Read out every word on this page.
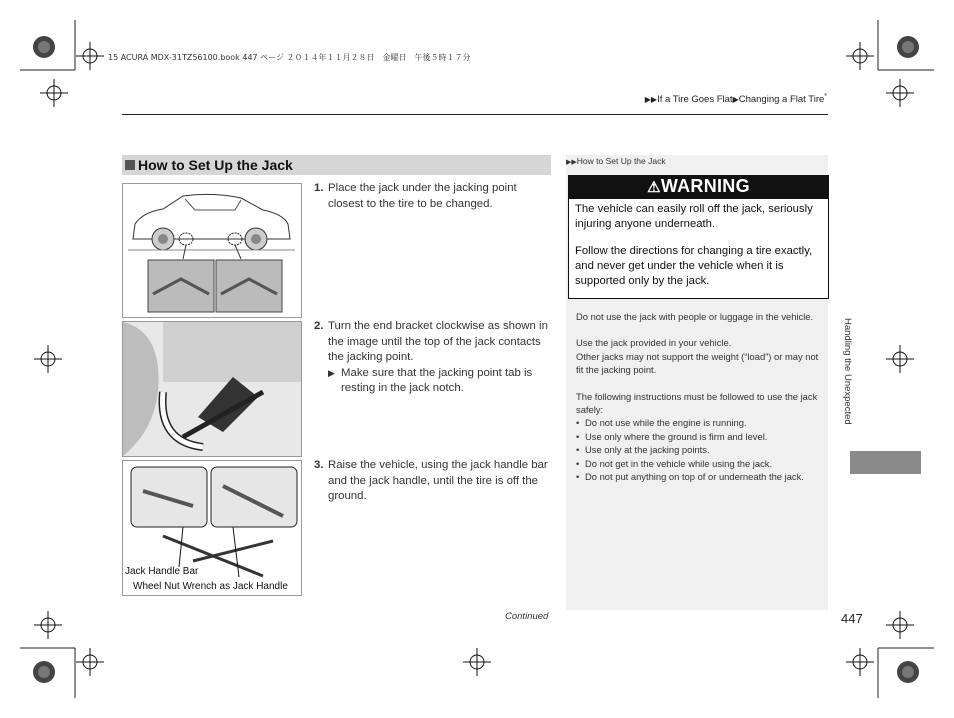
15 ACURA MDX-31TZ56100.book 447 ページ ２０１４年１１月２８日　金曜日　午後５時１７分
▶▶If a Tire Goes Flat▶Changing a Flat Tire*
How to Set Up the Jack
Jack Handle Bar
Wheel Nut Wrench as Jack Handle
1. Place the jack under the jacking point closest to the tire to be changed.
2. Turn the end bracket clockwise as shown in the image until the top of the jack contacts the jacking point.
▶ Make sure that the jacking point tab is resting in the jack notch.
3. Raise the vehicle, using the jack handle bar and the jack handle, until the tire is off the ground.
▶▶How to Set Up the Jack
⚠WARNING
The vehicle can easily roll off the jack, seriously injuring anyone underneath.
Follow the directions for changing a tire exactly, and never get under the vehicle when it is supported only by the jack.

Do not use the jack with people or luggage in the vehicle.

Use the jack provided in your vehicle.

Other jacks may not support the weight (“load”) or may not fit the jacking point.

The following instructions must be followed to use the jack safely:

• Do not use while the engine is running.
• Use only where the ground is firm and level.
• Use only at the jacking points.
• Do not get in the vehicle while using the jack.
• Do not put anything on top of or underneath the jack.
Handling the Unexpected
Continued	447
